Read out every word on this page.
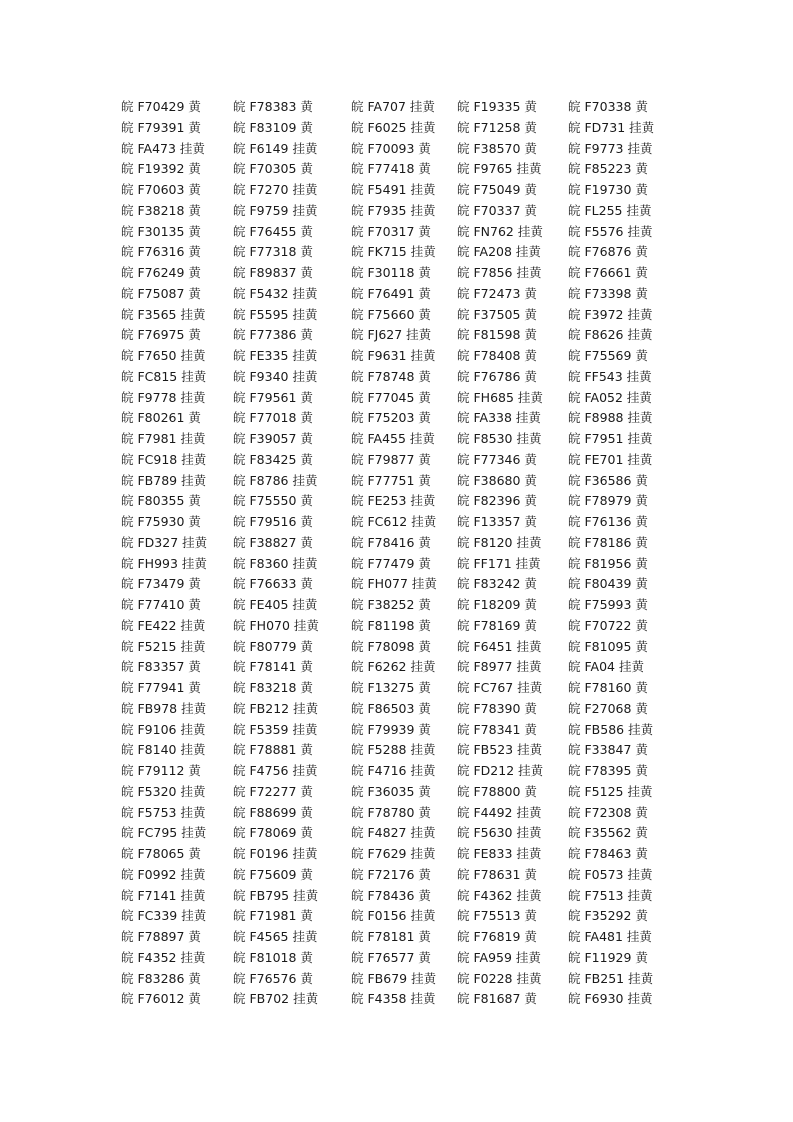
皖 F70429 黄	皖 F78383 黄	皖 FA707 挂黄	皖 F19335 黄	皖 F70338 黄
皖 F79391 黄	皖 F83109 黄	皖 F6025 挂黄	皖 F71258 黄	皖 FD731 挂黄
皖 FA473 挂黄	皖 F6149 挂黄	皖 F70093 黄	皖 F38570 黄	皖 F9773 挂黄
皖 F19392 黄	皖 F70305 黄	皖 F77418 黄	皖 F9765 挂黄	皖 F85223 黄
皖 F70603 黄	皖 F7270 挂黄	皖 F5491 挂黄	皖 F75049 黄	皖 F19730 黄
皖 F38218 黄	皖 F9759 挂黄	皖 F7935 挂黄	皖 F70337 黄	皖 FL255 挂黄
皖 F30135 黄	皖 F76455 黄	皖 F70317 黄	皖 FN762 挂黄	皖 F5576 挂黄
皖 F76316 黄	皖 F77318 黄	皖 FK715 挂黄	皖 FA208 挂黄	皖 F76876 黄
皖 F76249 黄	皖 F89837 黄	皖 F30118 黄	皖 F7856 挂黄	皖 F76661 黄
皖 F75087 黄	皖 F5432 挂黄	皖 F76491 黄	皖 F72473 黄	皖 F73398 黄
皖 F3565 挂黄	皖 F5595 挂黄	皖 F75660 黄	皖 F37505 黄	皖 F3972 挂黄
皖 F76975 黄	皖 F77386 黄	皖 FJ627 挂黄	皖 F81598 黄	皖 F8626 挂黄
皖 F7650 挂黄	皖 FE335 挂黄	皖 F9631 挂黄	皖 F78408 黄	皖 F75569 黄
皖 FC815 挂黄	皖 F9340 挂黄	皖 F78748 黄	皖 F76786 黄	皖 FF543 挂黄
皖 F9778 挂黄	皖 F79561 黄	皖 F77045 黄	皖 FH685 挂黄	皖 FA052 挂黄
皖 F80261 黄	皖 F77018 黄	皖 F75203 黄	皖 FA338 挂黄	皖 F8988 挂黄
皖 F7981 挂黄	皖 F39057 黄	皖 FA455 挂黄	皖 F8530 挂黄	皖 F7951 挂黄
皖 FC918 挂黄	皖 F83425 黄	皖 F79877 黄	皖 F77346 黄	皖 FE701 挂黄
皖 FB789 挂黄	皖 F8786 挂黄	皖 F77751 黄	皖 F38680 黄	皖 F36586 黄
皖 F80355 黄	皖 F75550 黄	皖 FE253 挂黄	皖 F82396 黄	皖 F78979 黄
皖 F75930 黄	皖 F79516 黄	皖 FC612 挂黄	皖 F13357 黄	皖 F76136 黄
皖 FD327 挂黄	皖 F38827 黄	皖 F78416 黄	皖 F8120 挂黄	皖 F78186 黄
皖 FH993 挂黄	皖 F8360 挂黄	皖 F77479 黄	皖 FF171 挂黄	皖 F81956 黄
皖 F73479 黄	皖 F76633 黄	皖 FH077 挂黄	皖 F83242 黄	皖 F80439 黄
皖 F77410 黄	皖 FE405 挂黄	皖 F38252 黄	皖 F18209 黄	皖 F75993 黄
皖 FE422 挂黄	皖 FH070 挂黄	皖 F81198 黄	皖 F78169 黄	皖 F70722 黄
皖 F5215 挂黄	皖 F80779 黄	皖 F78098 黄	皖 F6451 挂黄	皖 F81095 黄
皖 F83357 黄	皖 F78141 黄	皖 F6262 挂黄	皖 F8977 挂黄	皖 FA04 挂黄
皖 F77941 黄	皖 F83218 黄	皖 F13275 黄	皖 FC767 挂黄	皖 F78160 黄
皖 FB978 挂黄	皖 FB212 挂黄	皖 F86503 黄	皖 F78390 黄	皖 F27068 黄
皖 F9106 挂黄	皖 F5359 挂黄	皖 F79939 黄	皖 F78341 黄	皖 FB586 挂黄
皖 F8140 挂黄	皖 F78881 黄	皖 F5288 挂黄	皖 FB523 挂黄	皖 F33847 黄
皖 F79112 黄	皖 F4756 挂黄	皖 F4716 挂黄	皖 FD212 挂黄	皖 F78395 黄
皖 F5320 挂黄	皖 F72277 黄	皖 F36035 黄	皖 F78800 黄	皖 F5125 挂黄
皖 F5753 挂黄	皖 F88699 黄	皖 F78780 黄	皖 F4492 挂黄	皖 F72308 黄
皖 FC795 挂黄	皖 F78069 黄	皖 F4827 挂黄	皖 F5630 挂黄	皖 F35562 黄
皖 F78065 黄	皖 F0196 挂黄	皖 F7629 挂黄	皖 FE833 挂黄	皖 F78463 黄
皖 F0992 挂黄	皖 F75609 黄	皖 F72176 黄	皖 F78631 黄	皖 F0573 挂黄
皖 F7141 挂黄	皖 FB795 挂黄	皖 F78436 黄	皖 F4362 挂黄	皖 F7513 挂黄
皖 FC339 挂黄	皖 F71981 黄	皖 F0156 挂黄	皖 F75513 黄	皖 F35292 黄
皖 F78897 黄	皖 F4565 挂黄	皖 F78181 黄	皖 F76819 黄	皖 FA481 挂黄
皖 F4352 挂黄	皖 F81018 黄	皖 F76577 黄	皖 FA959 挂黄	皖 F11929 黄
皖 F83286 黄	皖 F76576 黄	皖 FB679 挂黄	皖 F0228 挂黄	皖 FB251 挂黄
皖 F76012 黄	皖 FB702 挂黄	皖 F4358 挂黄	皖 F81687 黄	皖 F6930 挂黄
